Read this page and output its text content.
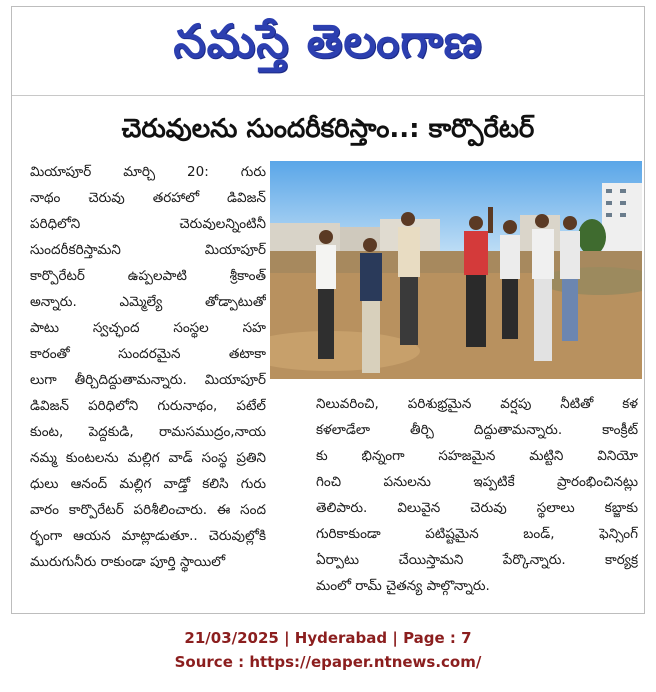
నమస్తే తెలంగాణ
చెరువులను సుందరీకరిస్తాం..: కార్పొరేటర్
మియాపూర్ మార్చి 20: గురు
నాథం చెరువు తరహాలో డివిజన్
పరిధిలోని చెరువులన్నింటినీ
సుందరీకరిస్తామని మియాపూర్
కార్పొరేటర్ ఉప్పలపాటి శ్రీకాంత్
అన్నారు. ఎమ్మెల్యే తోడ్పాటుతో
పాటు స్వచ్ఛంద సంస్థల సహ
కారంతో సుందరమైన తటాకా
లుగా తీర్చిదిద్దుతామన్నారు. మియాపూర్
డివిజన్ పరిధిలోని గురునాథం, పటేల్
కుంట, పెద్దకుడి, రామసముద్రం,నాయ
నమ్మ కుంటలను మల్లిగ వాడ్ సంస్థ ప్రతిని
ధులు ఆనంద్ మల్లిగ వాడ్తో కలిసి గురు
వారం కార్పొరేటర్ పరిశీలించారు. ఈ సంద
ర్భంగా ఆయన మాట్లాడుతూ.. చెరువుల్లోకి
మురుగునీరు రాకుండా పూర్తి స్థాయిలో
నిలువరించి, పరిశుభ్రమైన వర్షపు నీటితో కళ
కళలాడేలా తీర్చి దిద్దుతామన్నారు. కాంక్రీట్
కు భిన్నంగా సహజమైన మట్టిని వినియో
గించి పనులను ఇప్పటికే ప్రారంభించినట్లు
తెలిపారు. విలువైన చెరువు స్థలాలు కబ్జాకు
గురికాకుండా పటిష్టమైన బండ్, ఫెన్సింగ్
ఏర్పాటు చేయిస్తామని పేర్కొన్నారు. కార్యక్ర
మంలో రామ్ చైతన్య పాల్గొన్నారు.
21/03/2025 | Hyderabad | Page : 7
Source : https://epaper.ntnews.com/
